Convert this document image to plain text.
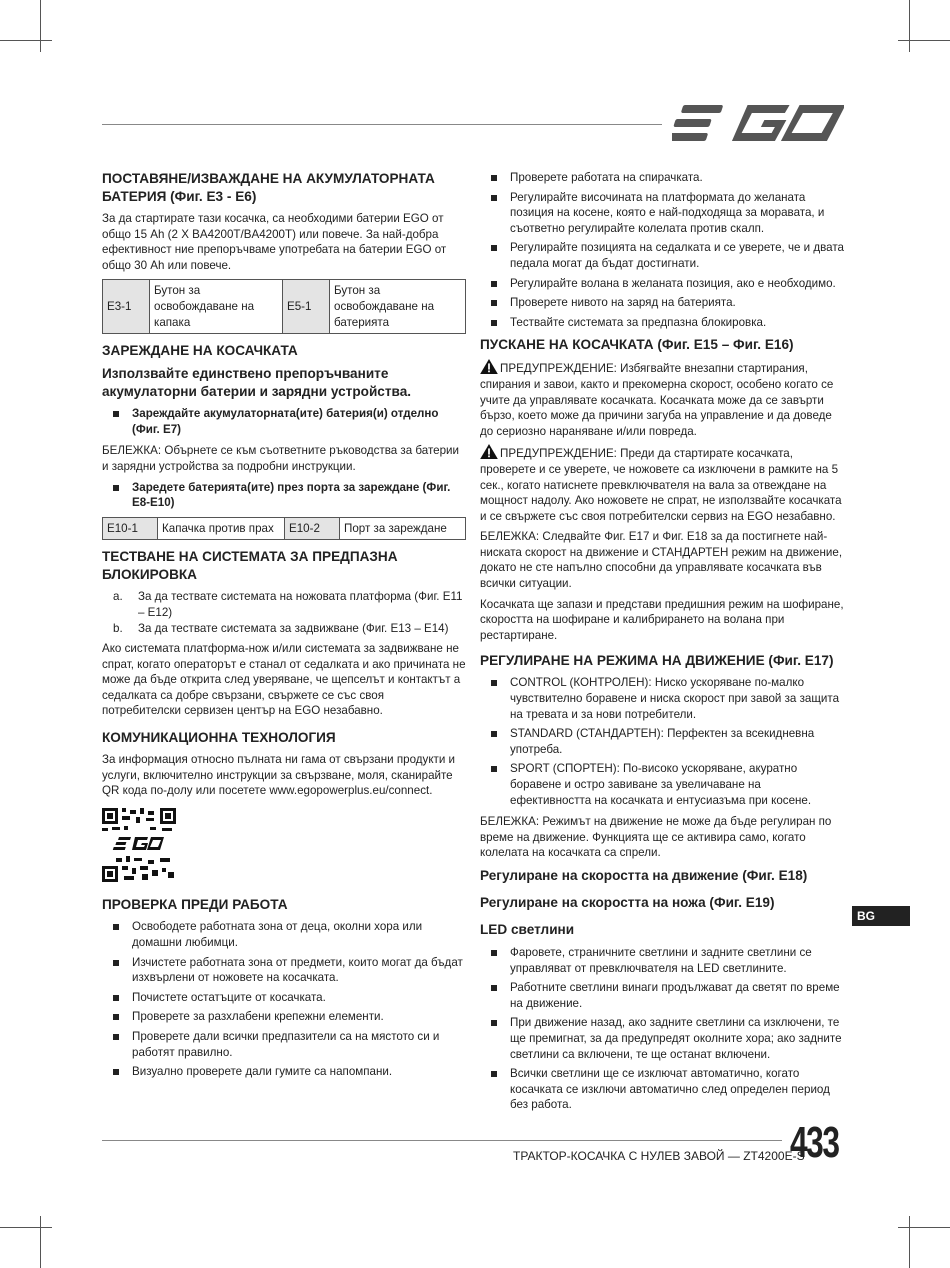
ПОСТАВЯНЕ/ИЗВАЖДАНЕ НА АКУМУЛАТОРНАТА БАТЕРИЯ (Фиг. E3 - E6)

За да стартирате тази косачка, са необходими батерии EGO от общо 15 Ah (2 X BA4200T/BA4200T) или повече. За най-добра ефективност ние препоръчваме употребата на батерии EGO от общо 30 Ah или повече.

E3-1	Бутон за освобождаване на капака	E5-1	Бутон за освобождаване на батерията
ЗАРЕЖДАНЕ НА КОСАЧКАТА
Използвайте единствено препоръчваните акумулаторни батерии и зарядни устройства.
Зареждайте акумулаторната(ите) батерия(и) отделно (Фиг. E7)

БЕЛЕЖКА: Обърнете се към съответните ръководства за батерии и зарядни устройства за подробни инструкции.

Заредете батерията(ите) през порта за зареждане (Фиг. E8-E10)
E10-1	Капачка против прах	E10-2	Порт за зареждане
ТЕСТВАНЕ НА СИСТЕМАТА ЗА ПРЕДПАЗНА БЛОКИРОВКА
a. За да тествате системата на ножовата платформа (Фиг. E11 – E12)
b. За да тествате системата за задвижване (Фиг. E13 – E14)

Ако системата платформа-нож и/или системата за задвижване не спрат, когато операторът е станал от седалката и ако причината не може да бъде открита след уверяване, че щепселът и контактът а седалката са добре свързани, свържете се със своя потребителски сервизен център на EGO незабавно.

КОМУНИКАЦИОННА ТЕХНОЛОГИЯ

За информация относно пълната ни гама от свързани продукти и услуги, включително инструкции за свързване, моля, сканирайте QR кода по-долу или посетете www.egopowerplus.eu/connect.

ПРОВЕРКА ПРЕДИ РАБОТА
Освободете работната зона от деца, околни хора или домашни любимци.
Изчистете работната зона от предмети, които могат да бъдат изхвърлени от ножовете на косачката.
Почистете остатъците от косачката.
Проверете за разхлабени крепежни елементи.
Проверете дали всички предпазители са на мястото си и работят правилно.
Визуално проверете дали гумите са напомпани.
Проверете работата на спирачката.
Регулирайте височината на платформата до желаната позиция на косене, която е най-подходяща за моравата, и съответно регулирайте колелата против скалп.
Регулирайте позицията на седалката и се уверете, че и двата педала могат да бъдат достигнати.
Регулирайте волана в желаната позиция, ако е необходимо.
Проверете нивото на заряд на батерията.
Тествайте системата за предпазна блокировка.
ПУСКАНЕ НА КОСАЧКАТА (Фиг. E15 – Фиг. E16)

ПРЕДУПРЕЖДЕНИЕ: Избягвайте внезапни стартирания, спирания и завои, както и прекомерна скорост, особено когато се учите да управлявате косачката. Косачката може да се завърти бързо, което може да причини загуба на управление и да доведе до сериозно нараняване и/или повреда.

ПРЕДУПРЕЖДЕНИЕ: Преди да стартирате косачката, проверете и се уверете, че ножовете са изключени в рамките на 5 сек., когато натиснете превключвателя на вала за отвеждане на мощност надолу. Ако ножовете не спрат, не използвайте косачката и се свържете със своя потребителски сервиз на EGO незабавно.

БЕЛЕЖКА: Следвайте Фиг. E17 и Фиг. E18 за да постигнете най-ниската скорост на движение и СТАНДАРТЕН режим на движение, докато не сте напълно способни да управлявате косачката във всички ситуации.

Косачката ще запази и представи предишния режим на шофиране, скоростта на шофиране и калибрирането на волана при рестартиране.

РЕГУЛИРАНЕ НА РЕЖИМА НА ДВИЖЕНИЕ (Фиг. E17)
CONTROL (КОНТРОЛЕН): Ниско ускоряване по-малко чувствително боравене и ниска скорост при завой за защита на тревата и за нови потребители.
STANDARD (СТАНДАРТЕН): Перфектен за всекидневна употреба.
SPORT (СПОРТЕН): По-високо ускоряване, акуратно боравене и остро завиване за увеличаване на ефективността на косачката и ентусиазъма при косене.

БЕЛЕЖКА: Режимът на движение не може да бъде регулиран по време на движение. Функцията ще се активира само, когато колелата на косачката са спрели.

Регулиране на скоростта на движение (Фиг. E18)
Регулиране на скоростта на ножа (Фиг. E19)
LED светлини
Фаровете, страничните светлини и задните светлини се управляват от превключвателя на LED светлините.
Работните светлини винаги продължават да светят по време на движение.
При движение назад, ако задните светлини са изключени, те ще премигнат, за да предупредят околните хора; ако задните светлини са включени, те ще останат включени.
Всички светлини ще се изключат автоматично, когато косачката се изключи автоматично след определен период без работа.
BG
ТРАКТОР-КОСАЧКА С НУЛЕВ ЗАВОЙ — ZT4200E-S
433
